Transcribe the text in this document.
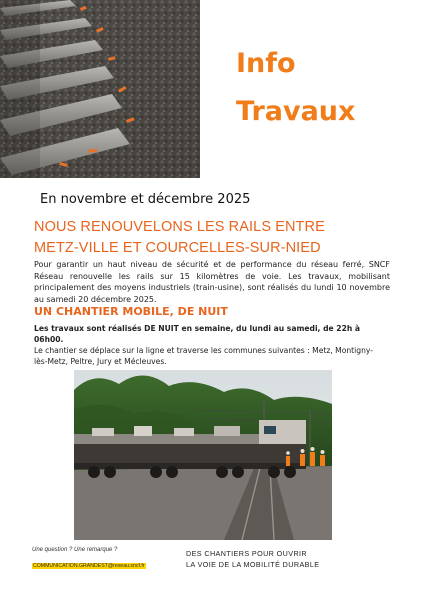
Info
Travaux
En novembre et décembre 2025
NOUS RENOUVELONS LES RAILS ENTRE
METZ-VILLE ET COURCELLES-SUR-NIED
Pour garantir un haut niveau de sécurité et de performance du réseau ferré, SNCF Réseau renouvelle les rails sur 15 kilomètres de voie. Les travaux, mobilisant principalement des moyens industriels (train-usine), sont réalisés du lundi 10 novembre au samedi 20 décembre 2025.
UN CHANTIER MOBILE, DE NUIT
Les travaux sont réalisés DE NUIT en semaine, du lundi au samedi, de 22h à 06h00.
Le chantier se déplace sur la ligne et traverse les communes suivantes : Metz, Montigny-lès-Metz, Peltre, Jury et Mécleuves.
Une question ? Une remarque ?
COMMUNICATION.GRANDEST@reseau.sncf.fr
DES CHANTIERS POUR OUVRIR
LA VOIE DE LA MOBILITÉ DURABLE
